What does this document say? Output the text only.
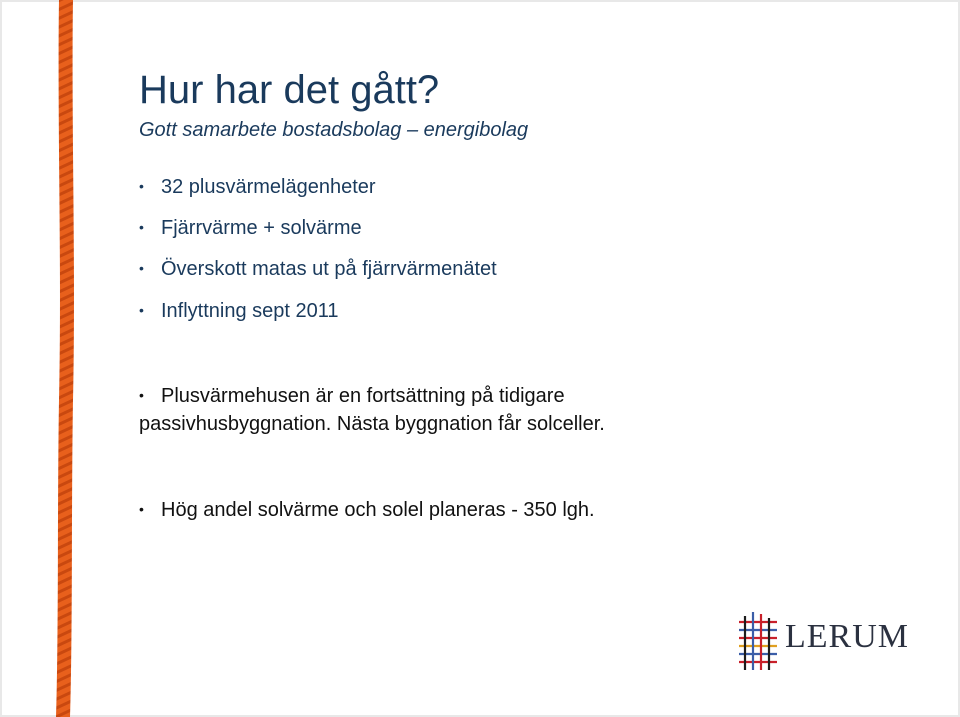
Hur har det gått?
Gott samarbete bostadsbolag – energibolag
• 32 plusvärmelägenheter
• Fjärrvärme + solvärme
• Överskott matas ut på fjärrvärmenätet
• Inflyttning sept 2011
• Plusvärmehusen är en fortsättning på tidigare
passivhusbyggnation. Nästa byggnation får solceller.
• Hög andel solvärme och solel planeras - 350 lgh.
LERUM
